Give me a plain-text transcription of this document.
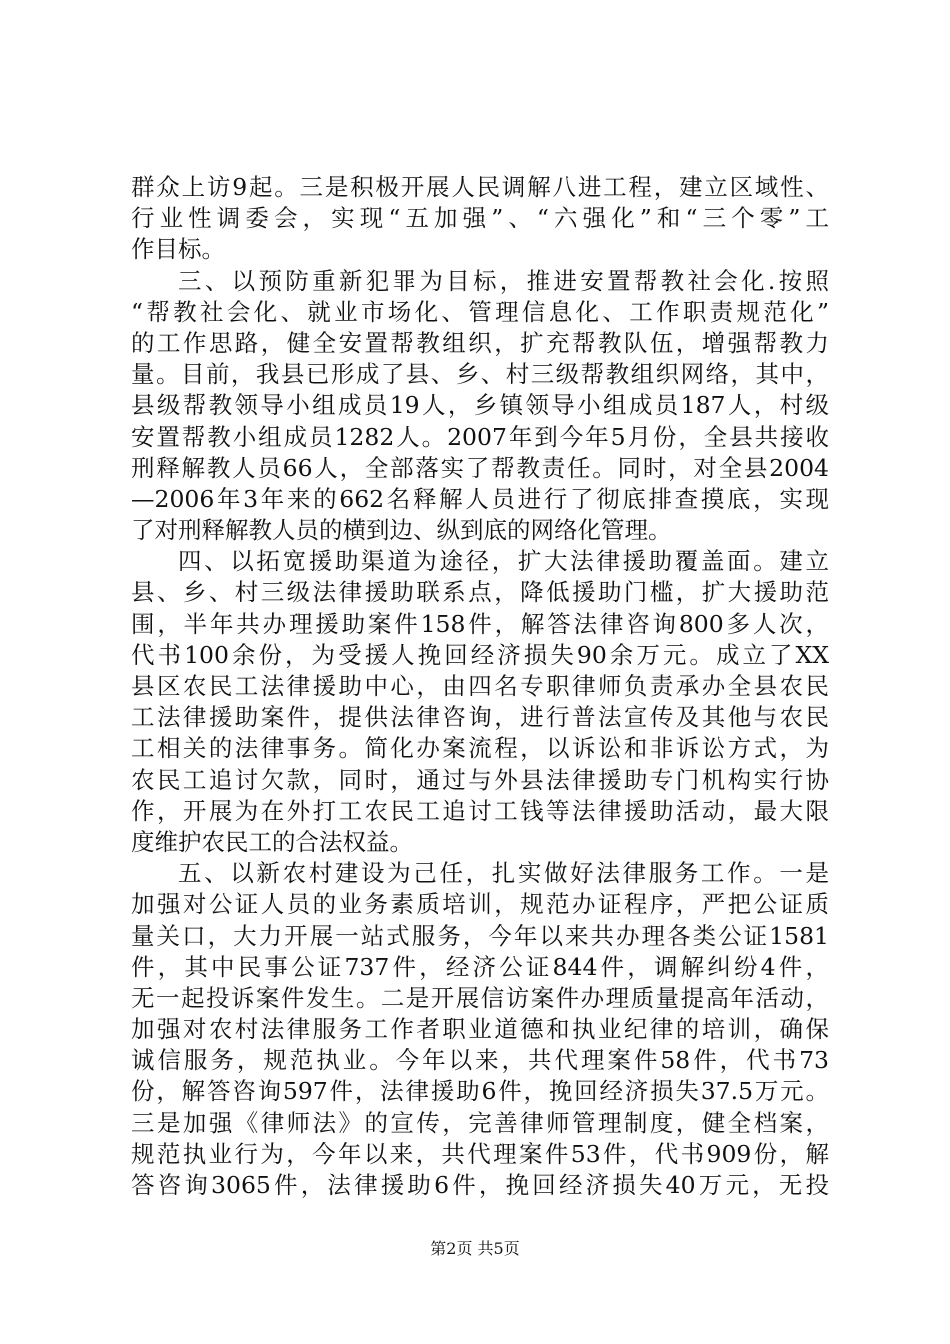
群众上访9起。三是积极开展人民调解八进工程，建立区域性、
行业性调委会，实现“五加强”、“六强化”和“三个零”工
作目标。
三、以预防重新犯罪为目标，推进安置帮教社会化.按照
“帮教社会化、就业市场化、管理信息化、工作职责规范化”
的工作思路，健全安置帮教组织，扩充帮教队伍，增强帮教力
量。目前，我县已形成了县、乡、村三级帮教组织网络，其中，
县级帮教领导小组成员19人，乡镇领导小组成员187人，村级
安置帮教小组成员1282人。2007年到今年5月份，全县共接收
刑释解教人员66人，全部落实了帮教责任。同时，对全县2004
—2006年3年来的662名释解人员进行了彻底排查摸底，实现
了对刑释解教人员的横到边、纵到底的网络化管理。
四、以拓宽援助渠道为途径，扩大法律援助覆盖面。建立
县、乡、村三级法律援助联系点，降低援助门槛，扩大援助范
围，半年共办理援助案件158件，解答法律咨询800多人次，
代书100余份，为受援人挽回经济损失90余万元。成立了XX
县区农民工法律援助中心，由四名专职律师负责承办全县农民
工法律援助案件，提供法律咨询，进行普法宣传及其他与农民
工相关的法律事务。简化办案流程，以诉讼和非诉讼方式，为
农民工追讨欠款，同时，通过与外县法律援助专门机构实行协
作，开展为在外打工农民工追讨工钱等法律援助活动，最大限
度维护农民工的合法权益。
五、以新农村建设为己任，扎实做好法律服务工作。一是
加强对公证人员的业务素质培训，规范办证程序，严把公证质
量关口，大力开展一站式服务，今年以来共办理各类公证1581
件，其中民事公证737件，经济公证844件，调解纠纷4件，
无一起投诉案件发生。二是开展信访案件办理质量提高年活动，
加强对农村法律服务工作者职业道德和执业纪律的培训，确保
诚信服务，规范执业。今年以来，共代理案件58件，代书73
份，解答咨询597件，法律援助6件，挽回经济损失37.5万元。
三是加强《律师法》的宣传，完善律师管理制度，健全档案，
规范执业行为，今年以来，共代理案件53件，代书909份，解
答咨询3065件，法律援助6件，挽回经济损失40万元，无投
第2页 共5页
